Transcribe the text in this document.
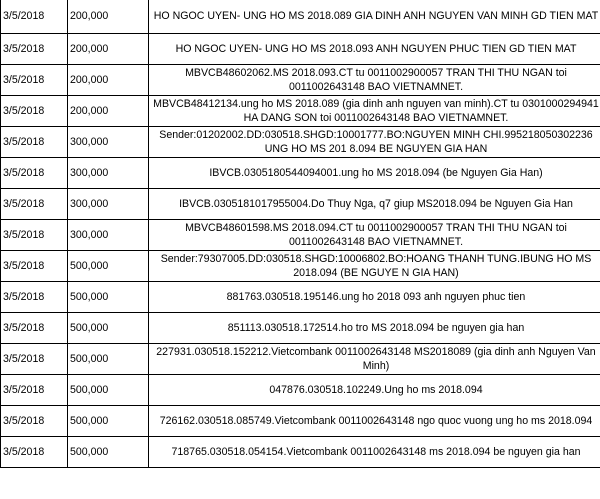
3/5/2018	200,000	HO NGOC UYEN- UNG HO MS 2018.089 GIA DINH ANH NGUYEN VAN MINH GD TIEN MAT
3/5/2018	200,000	HO NGOC UYEN- UNG HO MS 2018.093 ANH NGUYEN PHUC TIEN GD TIEN MAT
3/5/2018	200,000	MBVCB48602062.MS 2018.093.CT tu 0011002900057 TRAN THI THU NGAN toi 0011002643148 BAO VIETNAMNET.
3/5/2018	200,000	MBVCB48412134.ung ho MS 2018.089 (gia dinh anh nguyen van minh).CT tu 0301000294941 HA DANG SON toi 0011002643148 BAO VIETNAMNET.
3/5/2018	300,000	Sender:01202002.DD:030518.SHGD:10001777.BO:NGUYEN MINH CHI.995218050302236 UNG HO MS 201 8.094 BE NGUYEN GIA HAN
3/5/2018	300,000	IBVCB.0305180544094001.ung ho MS 2018.094 (be Nguyen Gia Han)
3/5/2018	300,000	IBVCB.0305181017955004.Do Thuy Nga, q7 giup MS2018.094 be Nguyen Gia Han
3/5/2018	300,000	MBVCB48601598.MS 2018.094.CT tu 0011002900057 TRAN THI THU NGAN toi 0011002643148 BAO VIETNAMNET.
3/5/2018	500,000	Sender:79307005.DD:030518.SHGD:10006802.BO:HOANG THANH TUNG.IBUNG HO MS 2018.094 (BE NGUYE N GIA HAN)
3/5/2018	500,000	881763.030518.195146.ung ho 2018 093 anh nguyen phuc tien
3/5/2018	500,000	851113.030518.172514.ho tro MS 2018.094 be nguyen gia han
3/5/2018	500,000	227931.030518.152212.Vietcombank 0011002643148 MS2018089 (gia dinh anh Nguyen Van Minh)
3/5/2018	500,000	047876.030518.102249.Ung ho ms 2018.094
3/5/2018	500,000	726162.030518.085749.Vietcombank 0011002643148 ngo quoc vuong ung ho ms 2018.094
3/5/2018	500,000	718765.030518.054154.Vietcombank 0011002643148 ms 2018.094 be nguyen gia han
